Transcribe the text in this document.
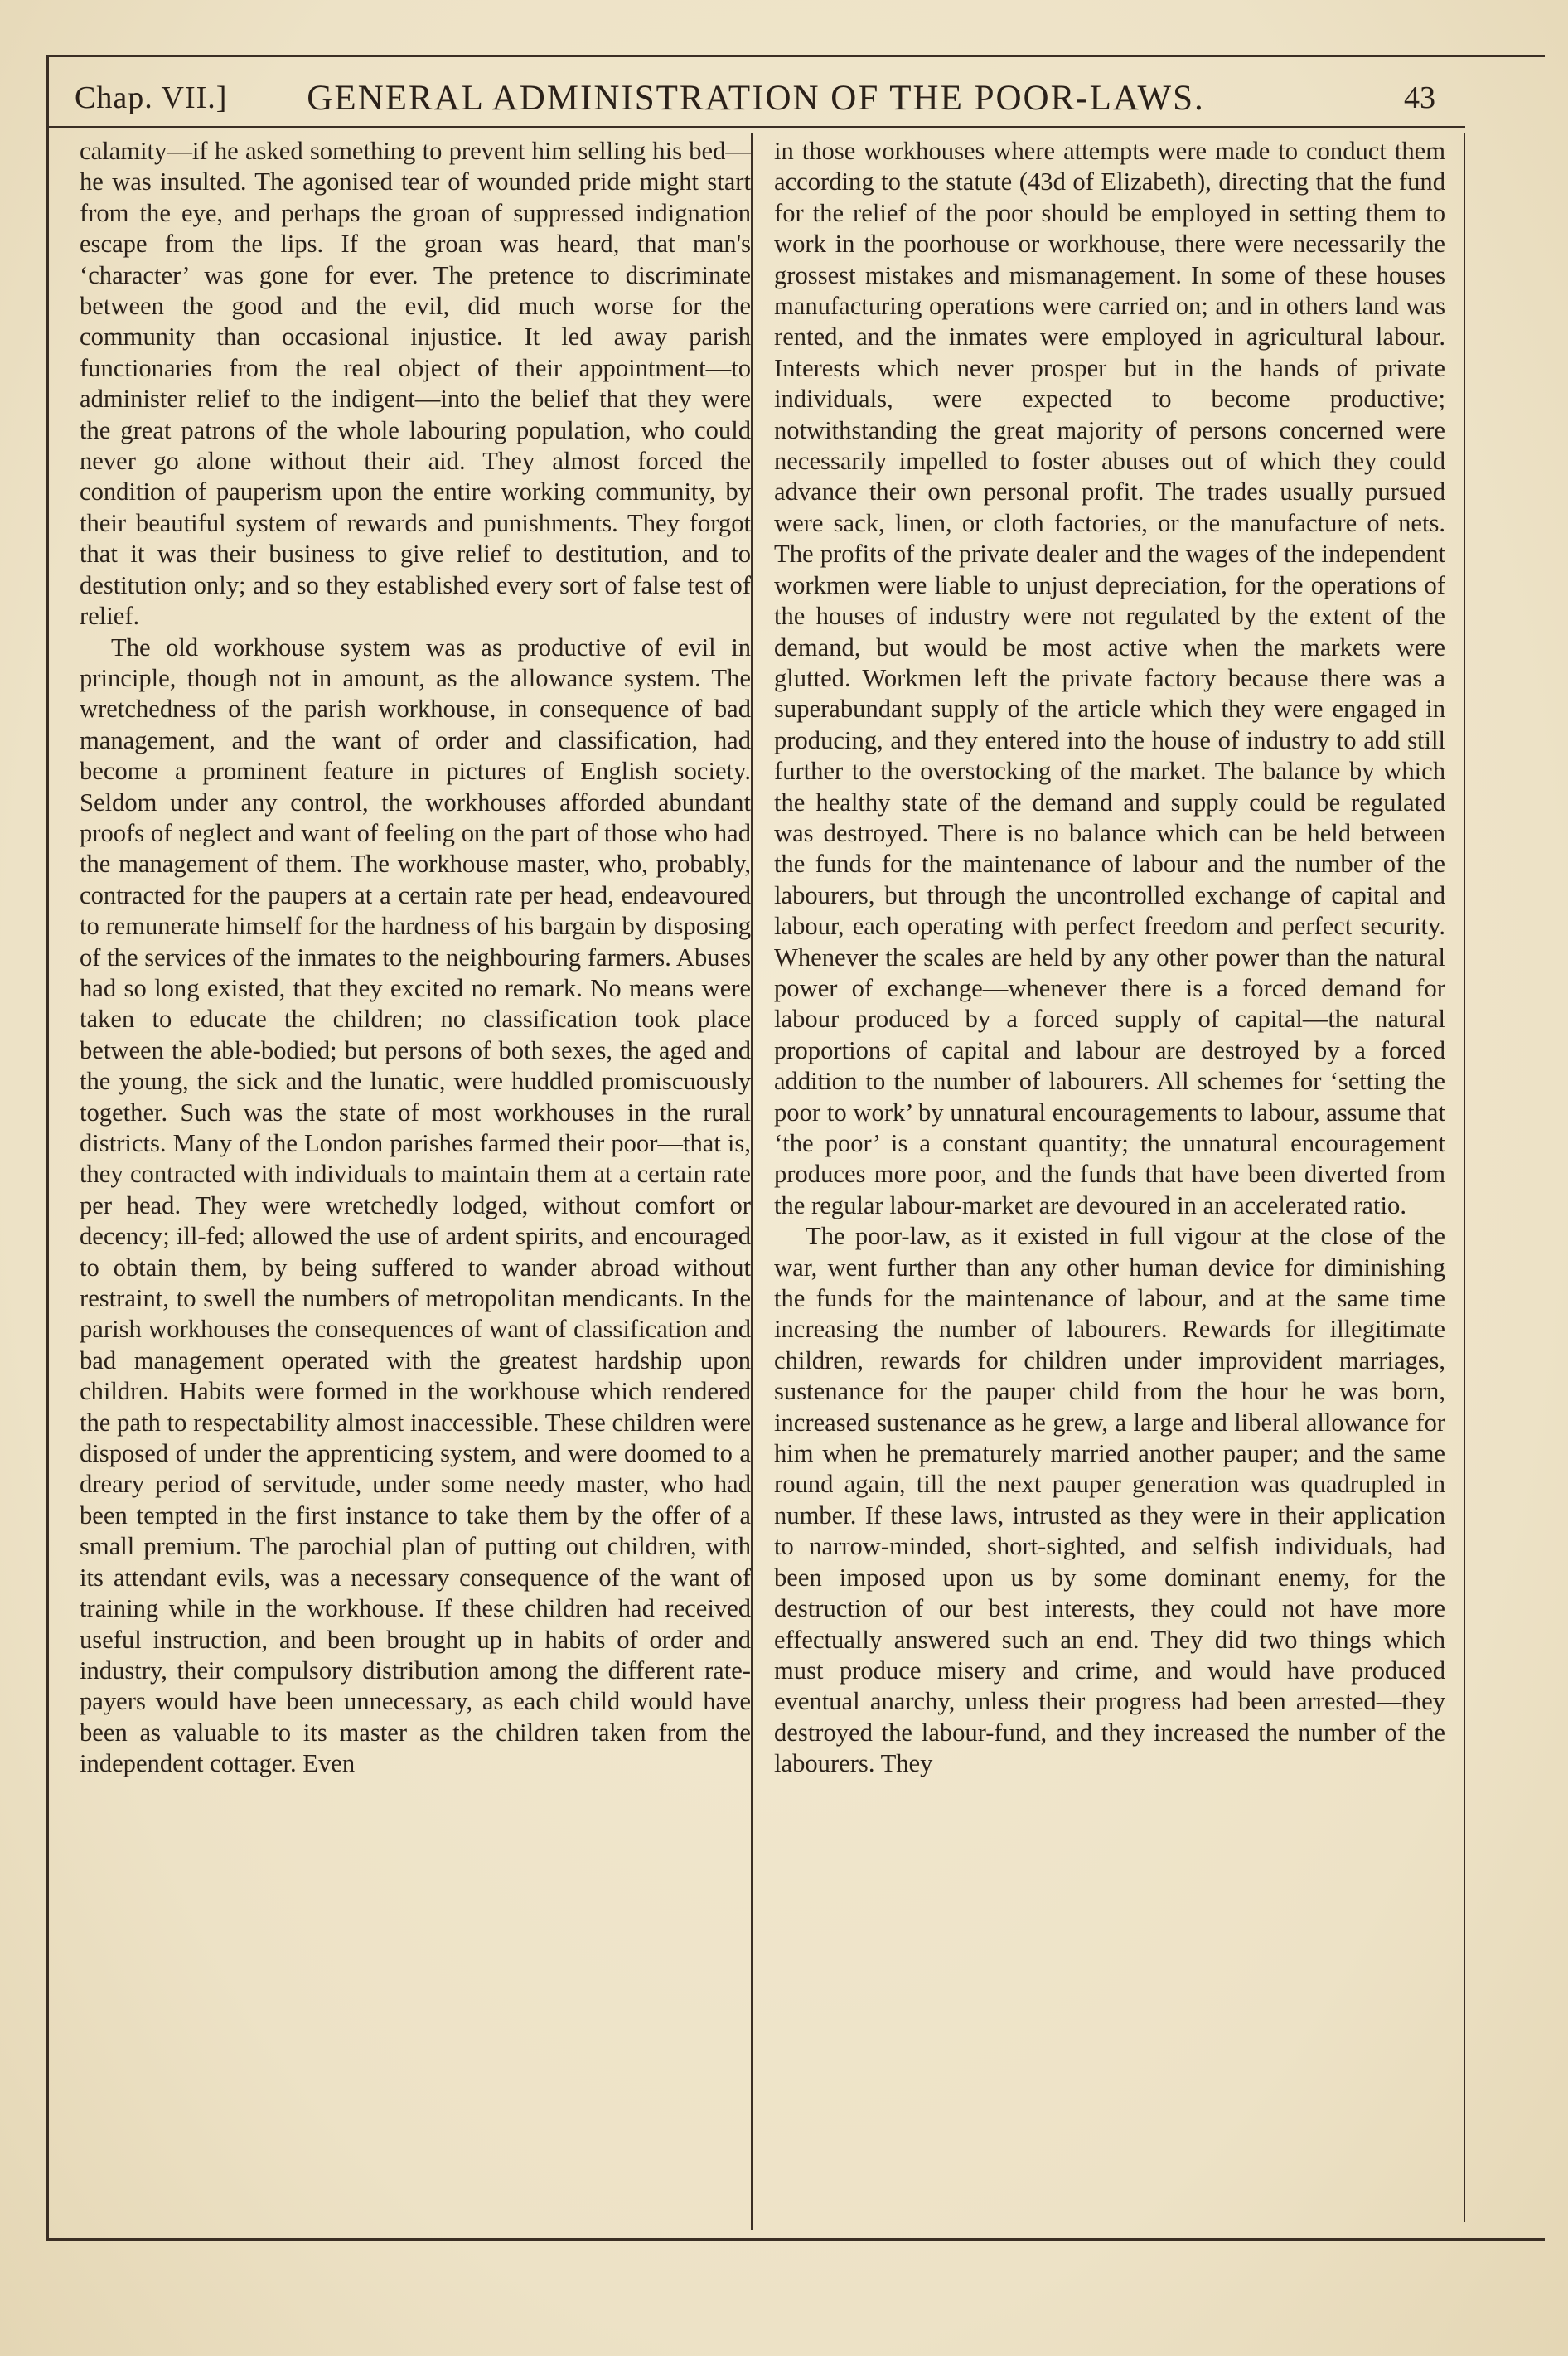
Chap. VII.]	GENERAL ADMINISTRATION OF THE POOR-LAWS.	43

calamity—if he asked something to prevent him selling his bed—he was insulted. The agonised tear of wounded pride might start from the eye, and perhaps the groan of suppressed indignation escape from the lips. If the groan was heard, that man's ‘character’ was gone for ever. The pretence to discriminate between the good and the evil, did much worse for the community than occasional injustice. It led away parish functionaries from the real object of their appointment—to administer relief to the indigent—into the belief that they were the great patrons of the whole labouring population, who could never go alone without their aid. They almost forced the condition of pauperism upon the entire working community, by their beautiful system of rewards and punishments. They forgot that it was their business to give relief to destitution, and to destitution only; and so they established every sort of false test of relief.

The old workhouse system was as productive of evil in principle, though not in amount, as the allowance system. The wretchedness of the parish workhouse, in consequence of bad management, and the want of order and classification, had become a prominent feature in pictures of English society. Seldom under any control, the workhouses afforded abundant proofs of neglect and want of feeling on the part of those who had the management of them. The workhouse master, who, probably, contracted for the paupers at a certain rate per head, endeavoured to remunerate himself for the hardness of his bargain by disposing of the services of the inmates to the neighbouring farmers. Abuses had so long existed, that they excited no remark. No means were taken to educate the children; no classification took place between the able-bodied; but persons of both sexes, the aged and the young, the sick and the lunatic, were huddled promiscuously together. Such was the state of most workhouses in the rural districts. Many of the London parishes farmed their poor—that is, they contracted with individuals to maintain them at a certain rate per head. They were wretchedly lodged, without comfort or decency; ill-fed; allowed the use of ardent spirits, and encouraged to obtain them, by being suffered to wander abroad without restraint, to swell the numbers of metropolitan mendicants. In the parish workhouses the consequences of want of classification and bad management operated with the greatest hardship upon children. Habits were formed in the workhouse which rendered the path to respectability almost inaccessible. These children were disposed of under the apprenticing system, and were doomed to a dreary period of servitude, under some needy master, who had been tempted in the first instance to take them by the offer of a small premium. The parochial plan of putting out children, with its attendant evils, was a necessary consequence of the want of training while in the workhouse. If these children had received useful instruction, and been brought up in habits of order and industry, their compulsory distribution among the different rate-payers would have been unnecessary, as each child would have been as valuable to its master as the children taken from the independent cottager. Even

in those workhouses where attempts were made to conduct them according to the statute (43d of Elizabeth), directing that the fund for the relief of the poor should be employed in setting them to work in the poorhouse or workhouse, there were necessarily the grossest mistakes and mismanagement. In some of these houses manufacturing operations were carried on; and in others land was rented, and the inmates were employed in agricultural labour. Interests which never prosper but in the hands of private individuals, were expected to become productive; notwithstanding the great majority of persons concerned were necessarily impelled to foster abuses out of which they could advance their own personal profit. The trades usually pursued were sack, linen, or cloth factories, or the manufacture of nets. The profits of the private dealer and the wages of the independent workmen were liable to unjust depreciation, for the operations of the houses of industry were not regulated by the extent of the demand, but would be most active when the markets were glutted. Workmen left the private factory because there was a superabundant supply of the article which they were engaged in producing, and they entered into the house of industry to add still further to the overstocking of the market. The balance by which the healthy state of the demand and supply could be regulated was destroyed. There is no balance which can be held between the funds for the maintenance of labour and the number of the labourers, but through the uncontrolled exchange of capital and labour, each operating with perfect freedom and perfect security. Whenever the scales are held by any other power than the natural power of exchange—whenever there is a forced demand for labour produced by a forced supply of capital—the natural proportions of capital and labour are destroyed by a forced addition to the number of labourers. All schemes for ‘setting the poor to work’ by unnatural encouragements to labour, assume that ‘the poor’ is a constant quantity; the unnatural encouragement produces more poor, and the funds that have been diverted from the regular labour-market are devoured in an accelerated ratio.

The poor-law, as it existed in full vigour at the close of the war, went further than any other human device for diminishing the funds for the maintenance of labour, and at the same time increasing the number of labourers. Rewards for illegitimate children, rewards for children under improvident marriages, sustenance for the pauper child from the hour he was born, increased sustenance as he grew, a large and liberal allowance for him when he prematurely married another pauper; and the same round again, till the next pauper generation was quadrupled in number. If these laws, intrusted as they were in their application to narrow-minded, short-sighted, and selfish individuals, had been imposed upon us by some dominant enemy, for the destruction of our best interests, they could not have more effectually answered such an end. They did two things which must produce misery and crime, and would have produced eventual anarchy, unless their progress had been arrested—they destroyed the labour-fund, and they increased the number of the labourers. They
